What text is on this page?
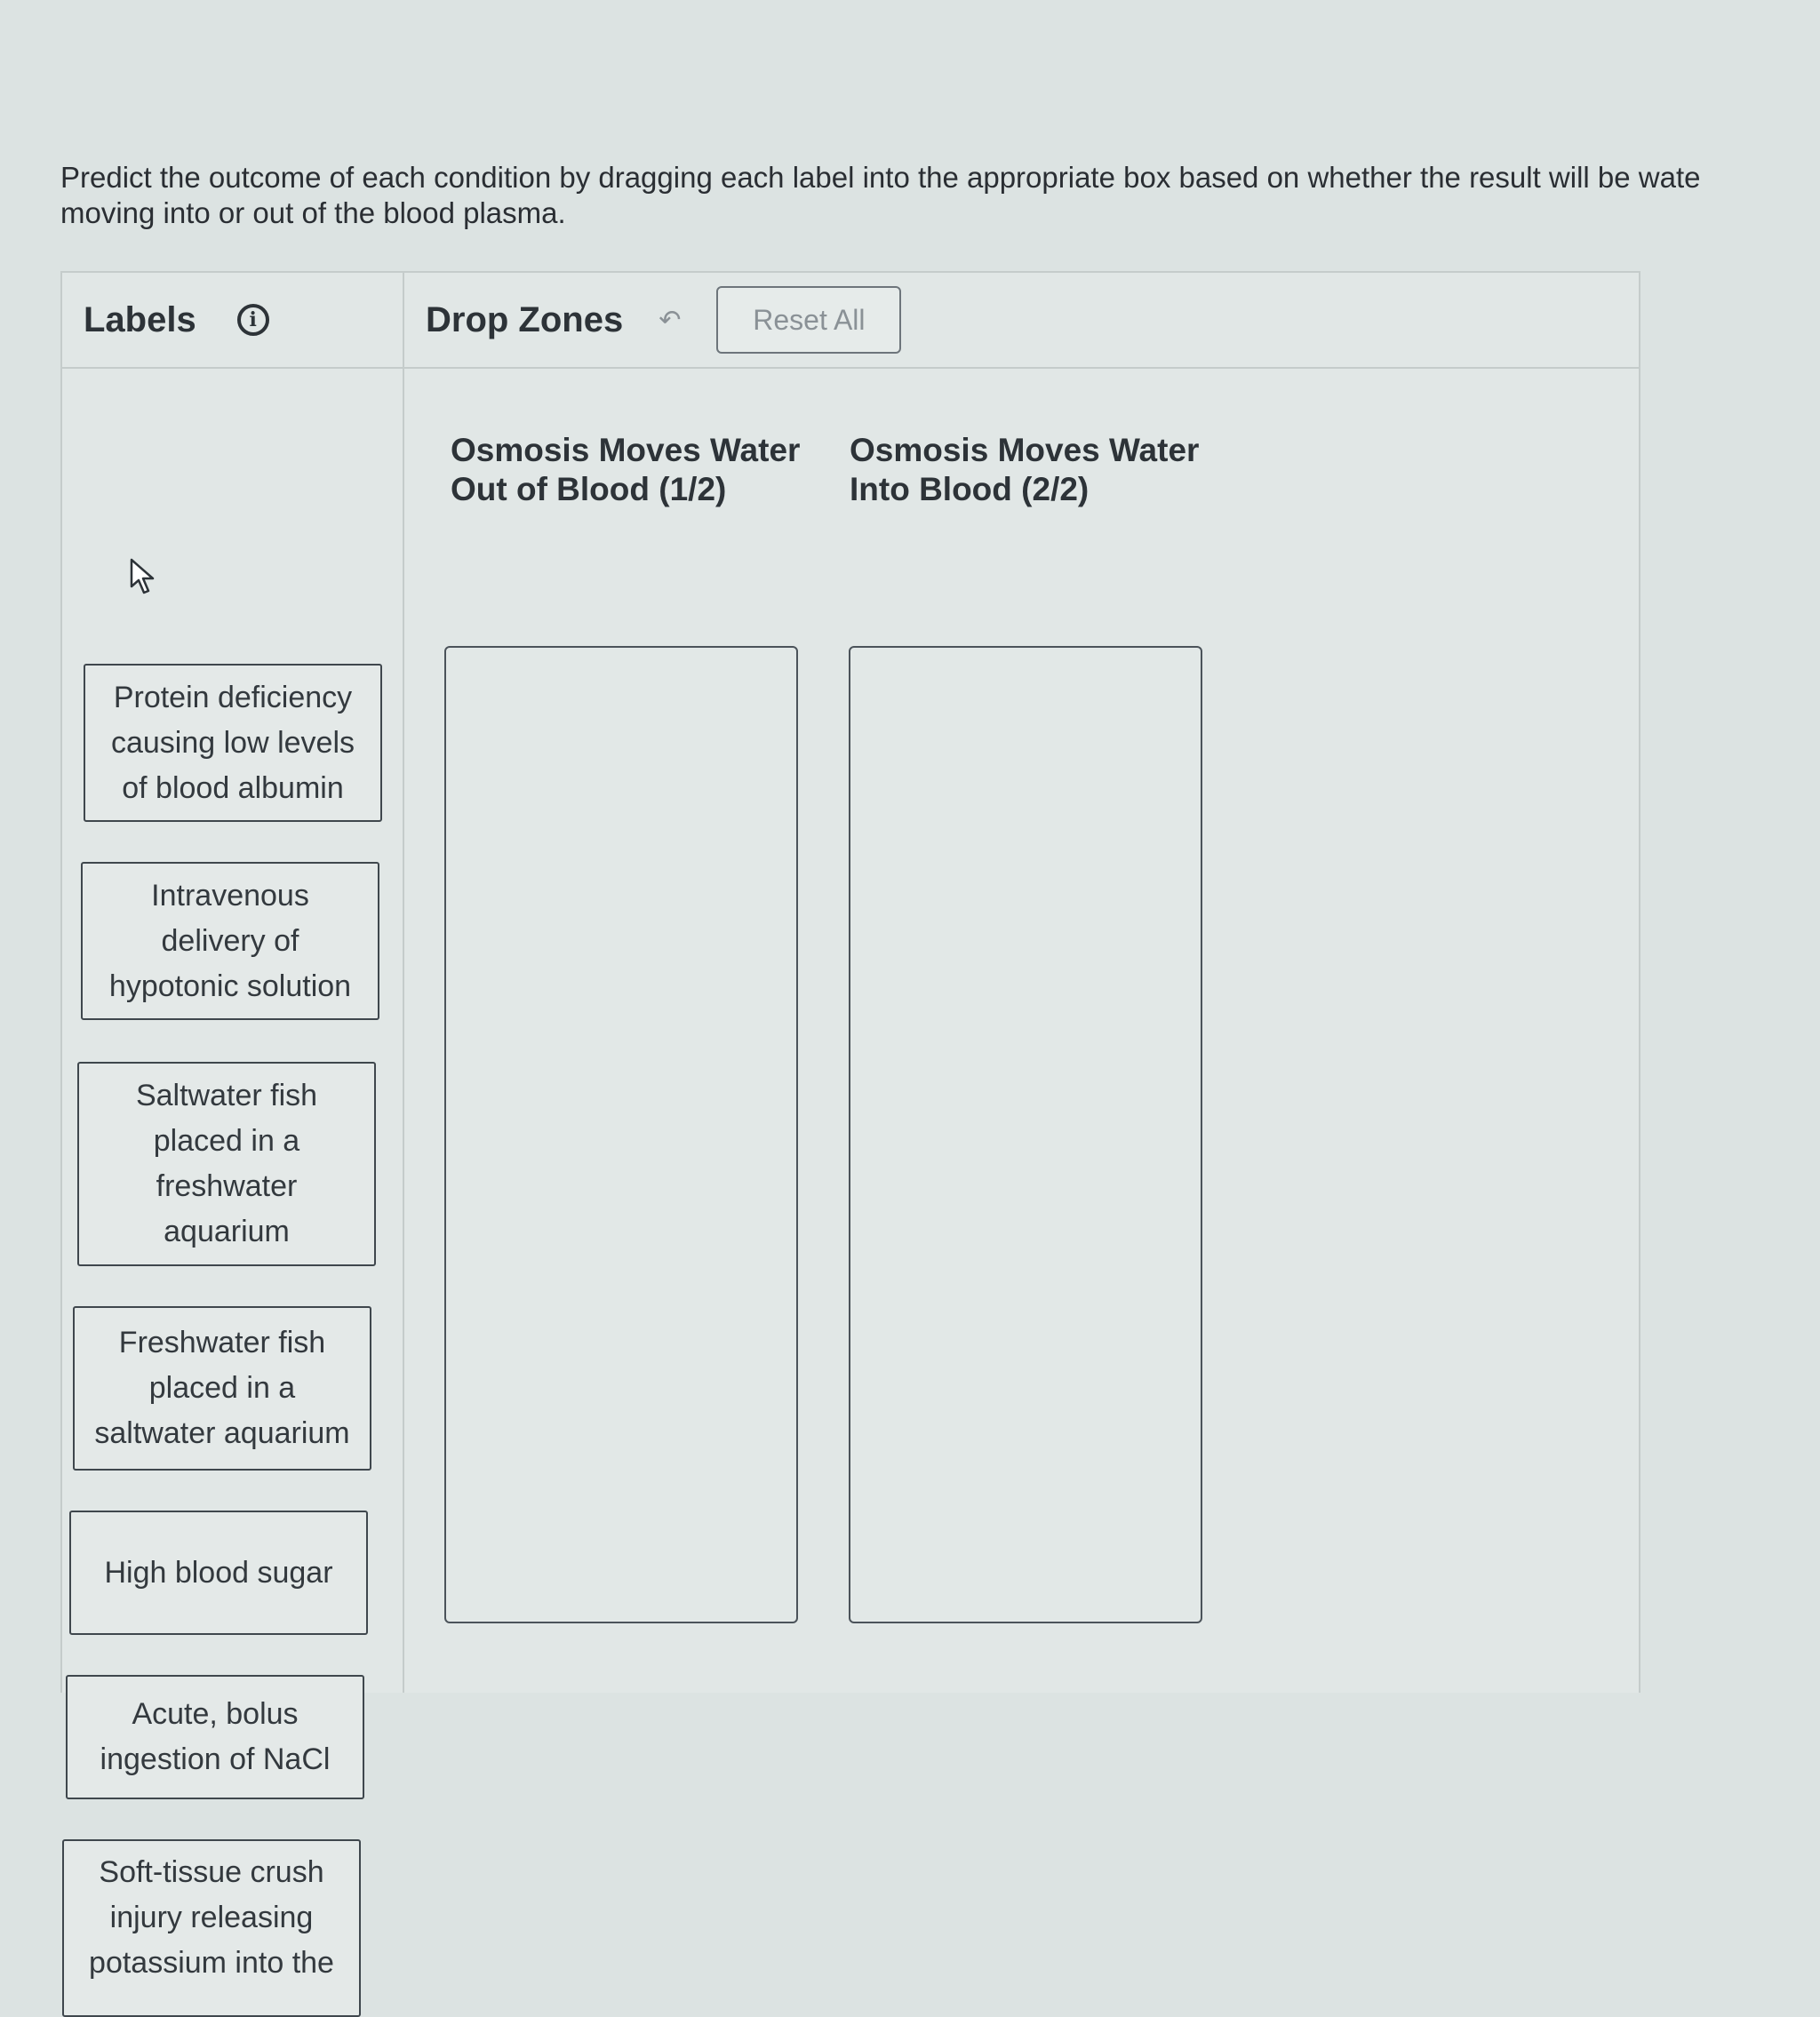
Predict the outcome of each condition by dragging each label into the appropriate box based on whether the result will be wate
moving into or out of the blood plasma.
Labels	i
Protein deficiency causing low levels of blood albumin
Intravenous delivery of hypotonic solution
Saltwater fish placed in a freshwater aquarium
Freshwater fish placed in a saltwater aquarium
High blood sugar
Acute, bolus ingestion of NaCl
Soft-tissue crush injury releasing potassium into the
Drop Zones ↶	Reset All
Osmosis Moves Water Out of Blood (1/2)
Osmosis Moves Water Into Blood (2/2)
